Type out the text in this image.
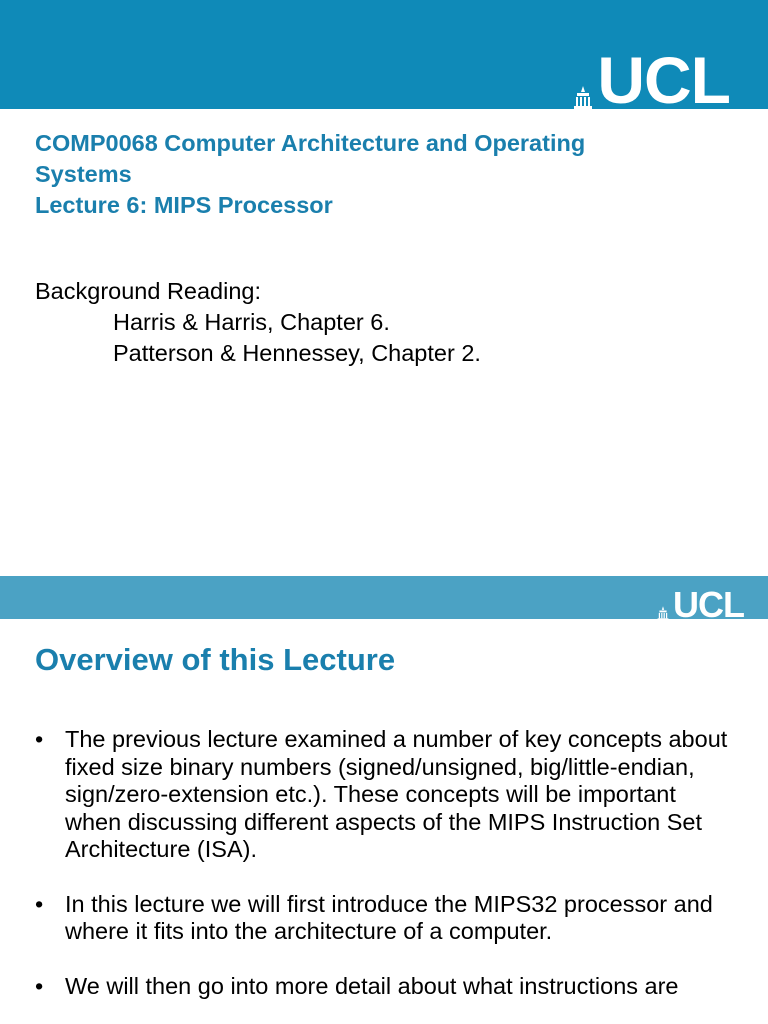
UCL
COMP0068 Computer Architecture and Operating
Systems
Lecture 6: MIPS Processor
Background Reading:
Harris & Harris, Chapter 6.
Patterson & Hennessey, Chapter 2.
UCL
Overview of this Lecture
• The previous lecture examined a number of key concepts about fixed size binary numbers (signed/unsigned, big/little-endian, sign/zero-extension etc.). These concepts will be important when discussing different aspects of the MIPS Instruction Set Architecture (ISA).
• In this lecture we will first introduce the MIPS32 processor and where it fits into the architecture of a computer.
• We will then go into more detail about what instructions are
